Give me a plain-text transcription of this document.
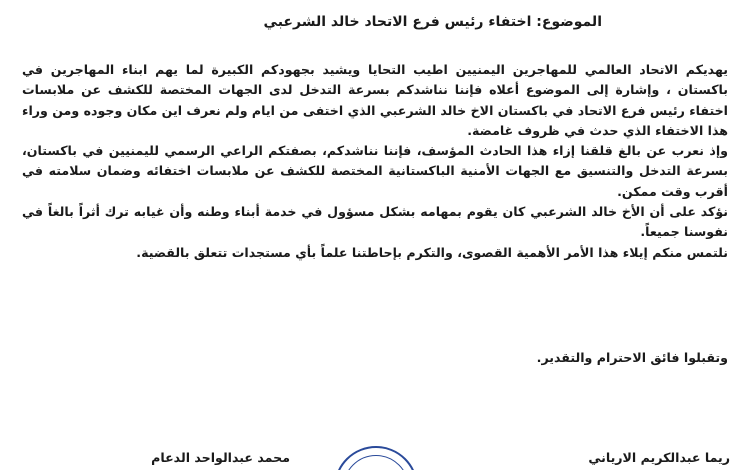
الموضوع: اختفاء رئيس فرع الاتحاد خالد الشرعبي

يهديكم الاتحاد العالمي للمهاجرين اليمنيين اطيب التحايا ويشيد بجهودكم الكبيرة لما يهم ابناء المهاجرين في باكستان ، وإشارة إلى الموضوع أعلاه فإننا نناشدكم بسرعة التدخل لدى الجهات المختصة للكشف عن ملابسات اختفاء رئيس فرع الاتحاد في باكستان الاخ خالد الشرعبي الذي اختفى من ايام ولم نعرف اين مكان وجوده ومن وراء هذا الاختفاء الذي حدث في ظروف غامضة.

وإذ نعرب عن بالغ قلقنا إزاء هذا الحادث المؤسف، فإننا نناشدكم، بصفتكم الراعي الرسمي لليمنيين في باكستان، بسرعة التدخل والتنسيق مع الجهات الأمنية الباكستانية المختصة للكشف عن ملابسات اختفائه وضمان سلامته في أقرب وقت ممكن.

نؤكد على أن الأخ خالد الشرعبي كان يقوم بمهامه بشكل مسؤول في خدمة أبناء وطنه وأن غيابه ترك أثراً بالغاً في نفوسنا جميعاً.

نلتمس منكم إيلاء هذا الأمر الأهمية القصوى، والتكرم بإحاطتنا علماً بأي مستجدات تتعلق بالقضية.

وتقبلوا فائق الاحترام والتقدير.
ريما عبدالكريم الارياني
محمد عبدالواحد الدعام
